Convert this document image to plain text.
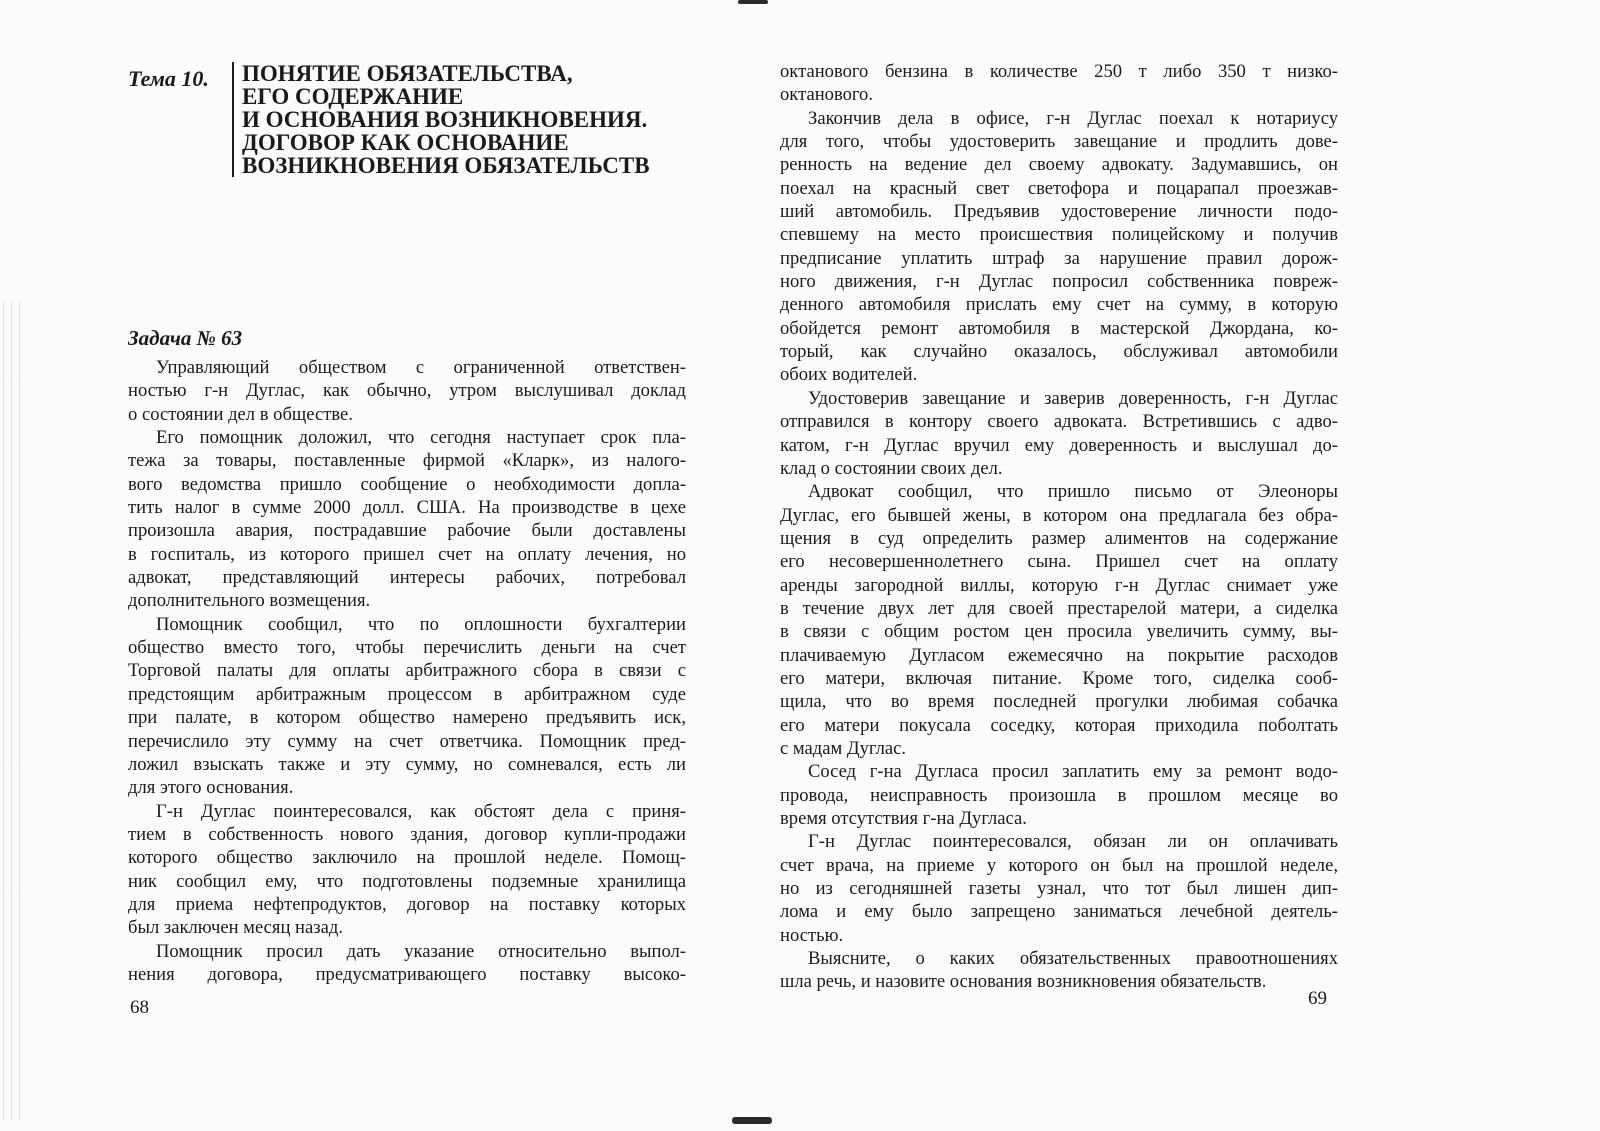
Тема 10.	ПОНЯТИЕ ОБЯЗАТЕЛЬСТВА,
ЕГО СОДЕРЖАНИЕ
И ОСНОВАНИЯ ВОЗНИКНОВЕНИЯ.
ДОГОВОР КАК ОСНОВАНИЕ
ВОЗНИКНОВЕНИЯ ОБЯЗАТЕЛЬСТВ
Задача № 63
Управляющий обществом с ограниченной ответствен-
ностью г-н Дуглас, как обычно, утром выслушивал доклад
о состоянии дел в обществе.
Его помощник доложил, что сегодня наступает срок пла-
тежа за товары, поставленные фирмой «Кларк», из налого-
вого ведомства пришло сообщение о необходимости допла-
тить налог в сумме 2000 долл. США. На производстве в цехе
произошла авария, пострадавшие рабочие были доставлены
в госпиталь, из которого пришел счет на оплату лечения, но
адвокат, представляющий интересы рабочих, потребовал
дополнительного возмещения.
Помощник сообщил, что по оплошности бухгалтерии
общество вместо того, чтобы перечислить деньги на счет
Торговой палаты для оплаты арбитражного сбора в связи с
предстоящим арбитражным процессом в арбитражном суде
при палате, в котором общество намерено предъявить иск,
перечислило эту сумму на счет ответчика. Помощник пред-
ложил взыскать также и эту сумму, но сомневался, есть ли
для этого основания.
Г-н Дуглас поинтересовался, как обстоят дела с приня-
тием в собственность нового здания, договор купли-продажи
которого общество заключило на прошлой неделе. Помощ-
ник сообщил ему, что подготовлены подземные хранилища
для приема нефтепродуктов, договор на поставку которых
был заключен месяц назад.
Помощник просил дать указание относительно выпол-
нения договора, предусматривающего поставку высоко-
68
октанового бензина в количестве 250 т либо 350 т низко-
октанового.
Закончив дела в офисе, г-н Дуглас поехал к нотариусу
для того, чтобы удостоверить завещание и продлить дове-
ренность на ведение дел своему адвокату. Задумавшись, он
поехал на красный свет светофора и поцарапал проезжав-
ший автомобиль. Предъявив удостоверение личности подо-
спевшему на место происшествия полицейскому и получив
предписание уплатить штраф за нарушение правил дорож-
ного движения, г-н Дуглас попросил собственника повреж-
денного автомобиля прислать ему счет на сумму, в которую
обойдется ремонт автомобиля в мастерской Джордана, ко-
торый, как случайно оказалось, обслуживал автомобили
обоих водителей.
Удостоверив завещание и заверив доверенность, г-н Дуглас
отправился в контору своего адвоката. Встретившись с адво-
катом, г-н Дуглас вручил ему доверенность и выслушал до-
клад о состоянии своих дел.
Адвокат сообщил, что пришло письмо от Элеоноры
Дуглас, его бывшей жены, в котором она предлагала без обра-
щения в суд определить размер алиментов на содержание
его несовершеннолетнего сына. Пришел счет на оплату
аренды загородной виллы, которую г-н Дуглас снимает уже
в течение двух лет для своей престарелой матери, а сиделка
в связи с общим ростом цен просила увеличить сумму, вы-
плачиваемую Дугласом ежемесячно на покрытие расходов
его матери, включая питание. Кроме того, сиделка сооб-
щила, что во время последней прогулки любимая собачка
его матери покусала соседку, которая приходила поболтать
с мадам Дуглас.
Сосед г-на Дугласа просил заплатить ему за ремонт водо-
провода, неисправность произошла в прошлом месяце во
время отсутствия г-на Дугласа.
Г-н Дуглас поинтересовался, обязан ли он оплачивать
счет врача, на приеме у которого он был на прошлой неделе,
но из сегодняшней газеты узнал, что тот был лишен дип-
лома и ему было запрещено заниматься лечебной деятель-
ностью.
Выясните, о каких обязательственных правоотношениях
шла речь, и назовите основания возникновения обязательств.
69
